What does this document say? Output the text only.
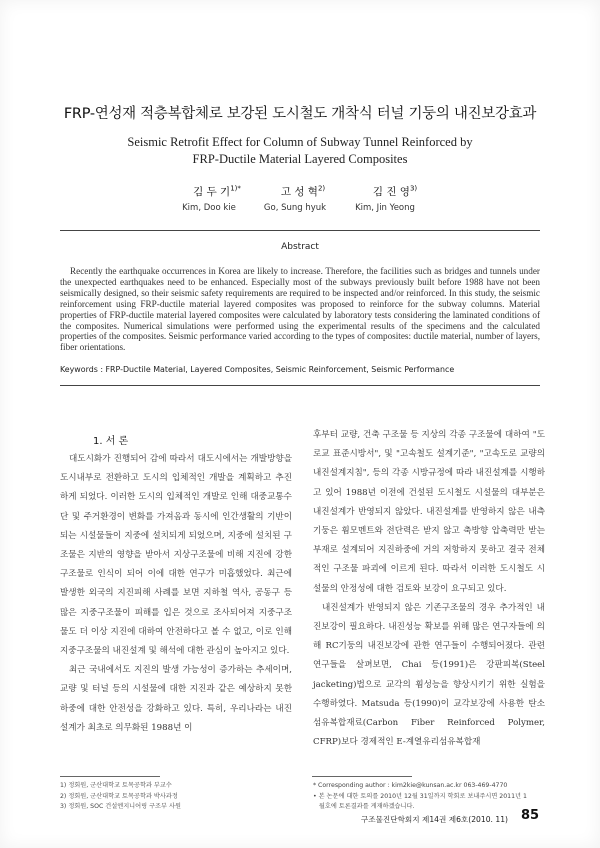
FRP-연성재 적층복합체로 보강된 도시철도 개착식 터널 기둥의 내진보강효과
Seismic Retrofit Effect for Column of Subway Tunnel Reinforced by
FRP-Ductile Material Layered Composites
김 두 기$^{1)*}$
Kim, Doo kie
고 성 혁$^{2)}$
Go, Sung hyuk
김 진 영$^{3)}$
Kim, Jin Yeong
Abstract

Recently the earthquake occurrences in Korea are likely to increase. Therefore, the facilities such as bridges and tunnels under the unexpected earthquakes need to be enhanced. Especially most of the subways previously built before 1988 have not been seismically designed, so their seismic safety requirements are required to be inspected and/or reinforced. In this study, the seismic reinforcement using FRP-ductile material layered composites was proposed to reinforce for the subway columns. Material properties of FRP-ductile material layered composites were calculated by laboratory tests considering the laminated conditions of the composites. Numerical simulations were performed using the experimental results of the specimens and the calculated properties of the composites. Seismic performance varied according to the types of composites: ductile material, number of layers, fiber orientations.

Keywords : FRP-Ductile Material, Layered Composites, Seismic Reinforcement, Seismic Performance
1. 서 론

대도시화가 진행되어 감에 따라서 대도시에서는 개발방향을 도시내부로 전환하고 도시의 입체적인 개발을 계획하고 추진하게 되었다. 이러한 도시의 입체적인 개발로 인해 대중교통수단 및 주거환경이 변화를 가져옴과 동시에 인간생활의 기반이 되는 시설물들이 지중에 설치되게 되었으며, 지중에 설치된 구조물은 지반의 영향을 받아서 지상구조물에 비해 지진에 강한 구조물로 인식이 되어 이에 대한 연구가 미흡했었다. 최근에 발생한 외국의 지진피해 사례를 보면 지하철 역사, 공동구 등 많은 지중구조물이 피해를 입은 것으로 조사되어져 지중구조물도 더 이상 지진에 대하여 안전하다고 볼 수 없고, 이로 인해 지중구조물의 내진설계 및 해석에 대한 관심이 높아지고 있다.

최근 국내에서도 지진의 발생 가능성이 증가하는 추세이며, 교량 및 터널 등의 시설물에 대한 지진과 같은 예상하지 못한 하중에 대한 안전성을 강화하고 있다. 특히, 우리나라는 내진설계가 최초로 의무화된 1988년 이

후부터 교량, 건축 구조물 등 지상의 각종 구조물에 대하여 "도로교 표준시방서", 및 "고속철도 설계기준", "고속도로 교량의 내진설계지침", 등의 각종 시방규정에 따라 내진설계를 시행하고 있어 1988년 이전에 건설된 도시철도 시설물의 대부분은 내진설계가 반영되지 않았다. 내진설계를 반영하지 않은 내측기둥은 휨모멘트와 전단력은 받지 않고 축방향 압축력만 받는 부재로 설계되어 지진하중에 거의 저항하지 못하고 결국 전체적인 구조물 파괴에 이르게 된다. 따라서 이러한 도시철도 시설물의 안정성에 대한 검토와 보강이 요구되고 있다.

내진설계가 반영되지 않은 기존구조물의 경우 추가적인 내진보강이 필요하다. 내진성능 확보를 위해 많은 연구자들에 의해 RC기둥의 내진보강에 관한 연구들이 수행되어졌다. 관련 연구들을 살펴보면, Chai 등(1991)은 강판피복(Steel jacketing)법으로 교각의 휨성능을 향상시키기 위한 실험을 수행하였다. Matsuda 등(1990)이 교각보강에 사용한 탄소섬유복합재료(Carbon Fiber Reinforced Polymer, CFRP)보다 경제적인 E-계열유리섬유복합재

1) 정회원, 군산대학교 토목공학과 부교수
2) 정회원, 군산대학교 토목공학과 박사과정
3) 정회원, SOC 건설엔지니어링 구조부 사원
* Corresponding author : kim2kie@kunsan.ac.kr 063-469-4770
• 본 논문에 대한 토의를 2010년 12월 31일까지 학회로 보내주시면 2011년 1
월호에 토론결과를 게재하겠습니다.
구조물진단학회지 제14권 제6호(2010. 11) 85
